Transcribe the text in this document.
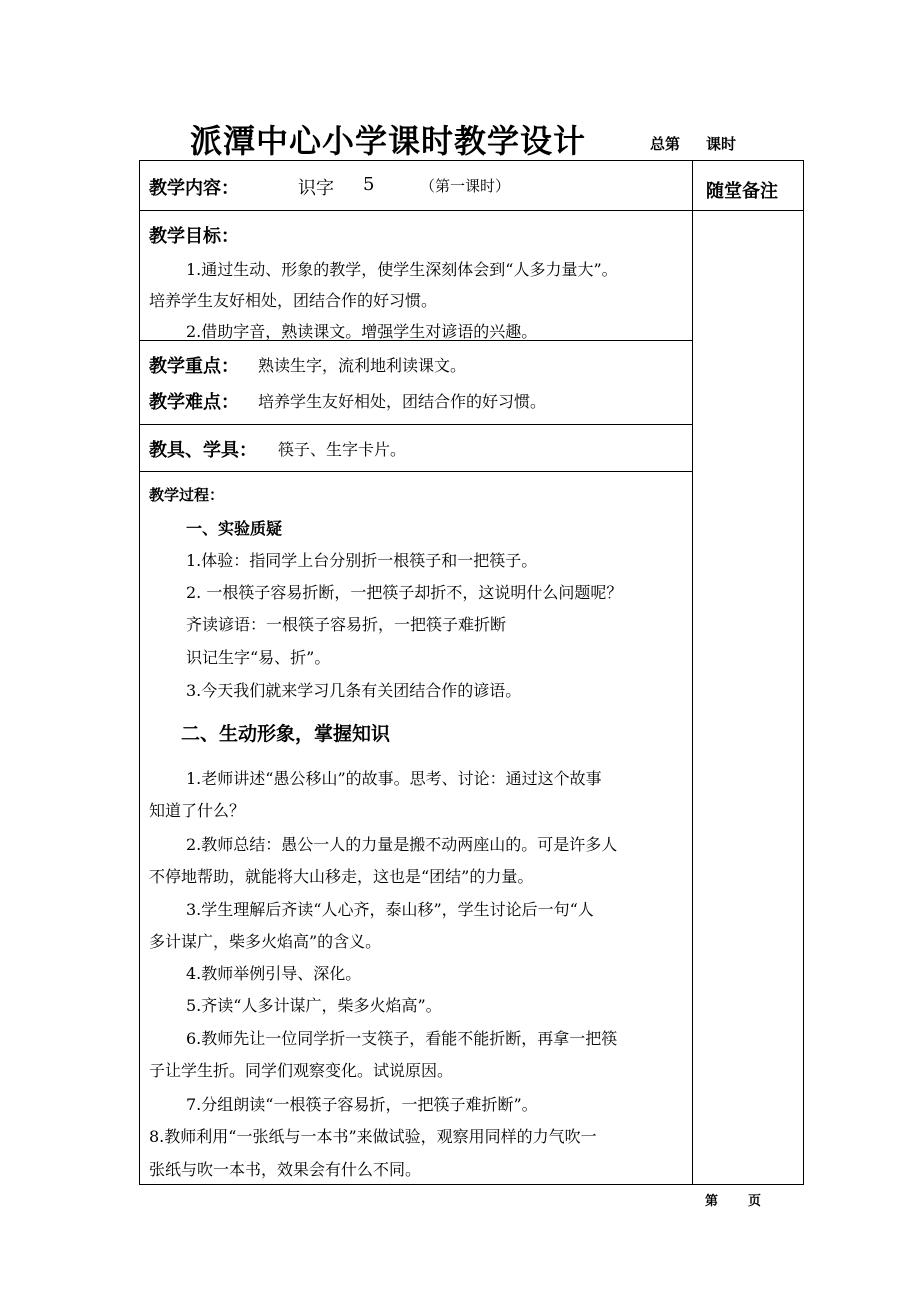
派潭中心小学课时教学设计	总第 课时
教学内容：	识字 5	（第一课时）	随堂备注
教学目标：
1.通过生动、形象的教学，使学生深刻体会到“人多力量大”。
培养学生友好相处，团结合作的好习惯。
2.借助字音，熟读课文。增强学生对谚语的兴趣。
教学重点： 熟读生字，流利地利读课文。
教学难点： 培养学生友好相处，团结合作的好习惯。
教具、学具： 筷子、生字卡片。
教学过程：
一、实验质疑
1.体验：指同学上台分别折一根筷子和一把筷子。
2. 一根筷子容易折断，一把筷子却折不，这说明什么问题呢？
齐读谚语：一根筷子容易折，一把筷子难折断
识记生字“易、折”。
3.今天我们就来学习几条有关团结合作的谚语。
二、生动形象，掌握知识
1.老师讲述“愚公移山”的故事。思考、讨论：通过这个故事
知道了什么？
2.教师总结：愚公一人的力量是搬不动两座山的。可是许多人
不停地帮助，就能将大山移走，这也是“团结”的力量。
3.学生理解后齐读“人心齐，泰山移”，学生讨论后一句“人
多计谋广，柴多火焰高”的含义。
4.教师举例引导、深化。
5.齐读“人多计谋广，柴多火焰高”。
6.教师先让一位同学折一支筷子，看能不能折断，再拿一把筷
子让学生折。同学们观察变化。试说原因。
7.分组朗读“一根筷子容易折，一把筷子难折断”。
8.教师利用“一张纸与一本书”来做试验，观察用同样的力气吹一
张纸与吹一本书，效果会有什么不同。
第 页
